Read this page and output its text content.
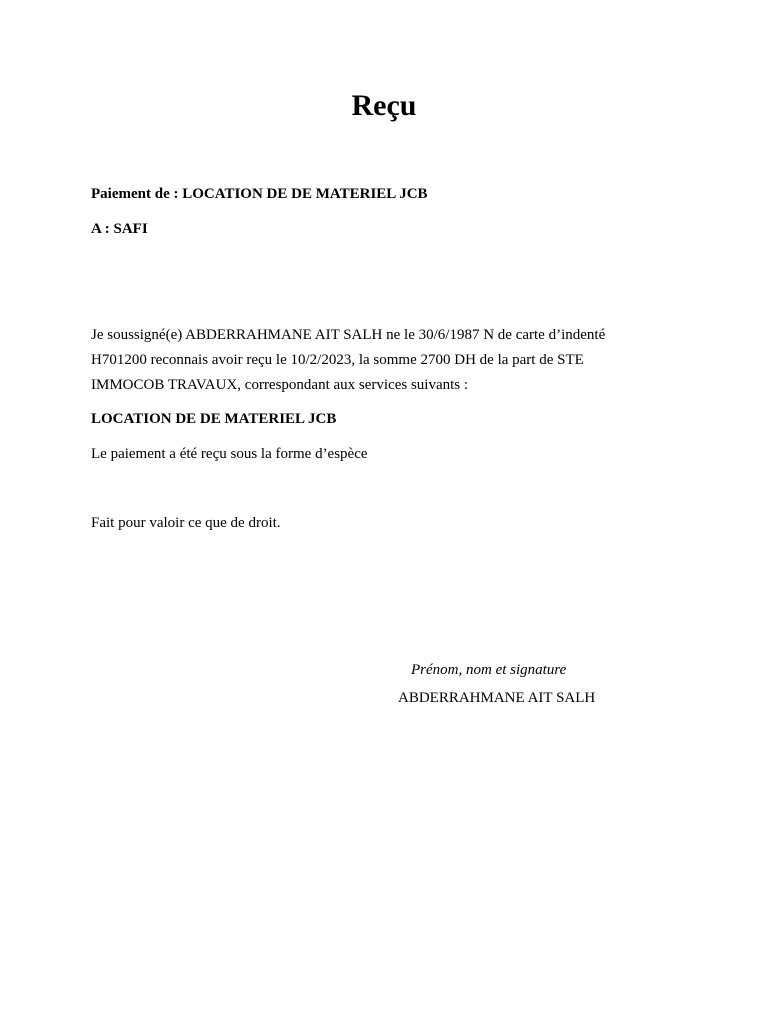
Reçu

Paiement de : LOCATION DE DE MATERIEL JCB

A : SAFI

Je soussigné(e) ABDERRAHMANE AIT SALH ne le 30/6/1987 N de carte d’indenté

H701200 reconnais avoir reçu le 10/2/2023, la somme 2700 DH de la part de STE

IMMOCOB TRAVAUX, correspondant aux services suivants :

LOCATION DE DE MATERIEL JCB

Le paiement a été reçu sous la forme d’espèce

Fait pour valoir ce que de droit.

Prénom, nom et signature

ABDERRAHMANE AIT SALH
